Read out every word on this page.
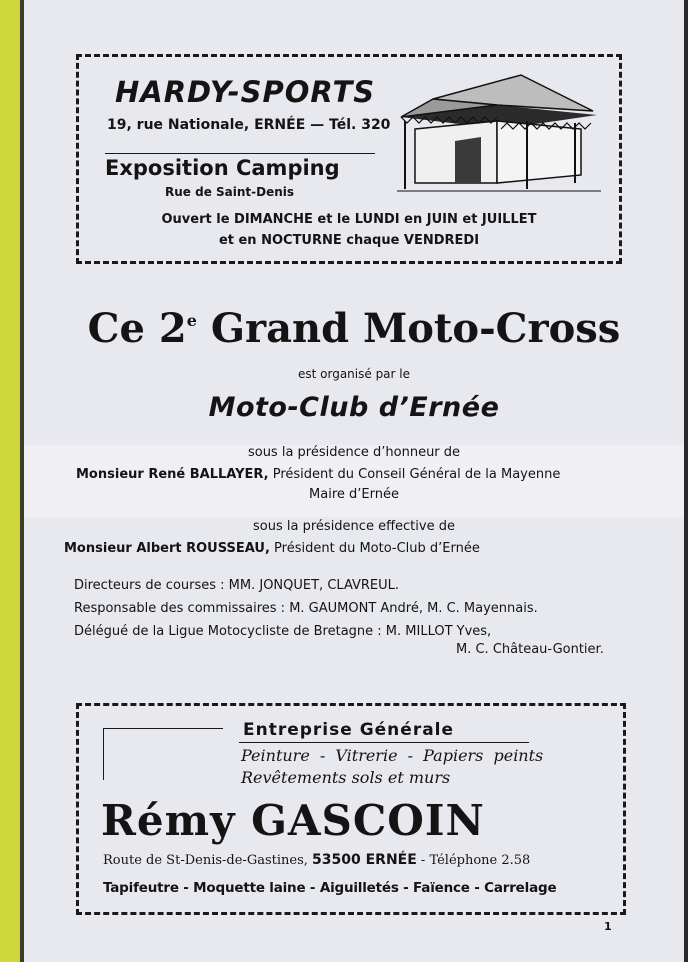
HARDY-SPORTS
19, rue Nationale, ERNÉE — Tél. 320
Exposition Camping
Rue de Saint-Denis
Ouvert le DIMANCHE et le LUNDI en JUIN et JUILLET
et en NOCTURNE chaque VENDREDI
Ce 2e Grand Moto-Cross
est organisé par le
Moto-Club d’Ernée
sous la présidence d’honneur de
Monsieur René BALLAYER, Président du Conseil Général de la Mayenne
Maire d’Ernée
sous la présidence effective de
Monsieur Albert ROUSSEAU, Président du Moto-Club d’Ernée
Directeurs de courses : MM. JONQUET, CLAVREUL.
Responsable des commissaires : M. GAUMONT André, M. C. Mayennais.
Délégué de la Ligue Motocycliste de Bretagne : M. MILLOT Yves,
M. C. Château-Gontier.
Entreprise Générale
Peinture - Vitrerie - Papiers peints
Revêtements sols et murs
Rémy GASCOIN
Route de St-Denis-de-Gastines, 53500 ERNÉE - Téléphone 2.58
Tapifeutre - Moquette laine - Aiguilletés - Faïence - Carrelage
1
